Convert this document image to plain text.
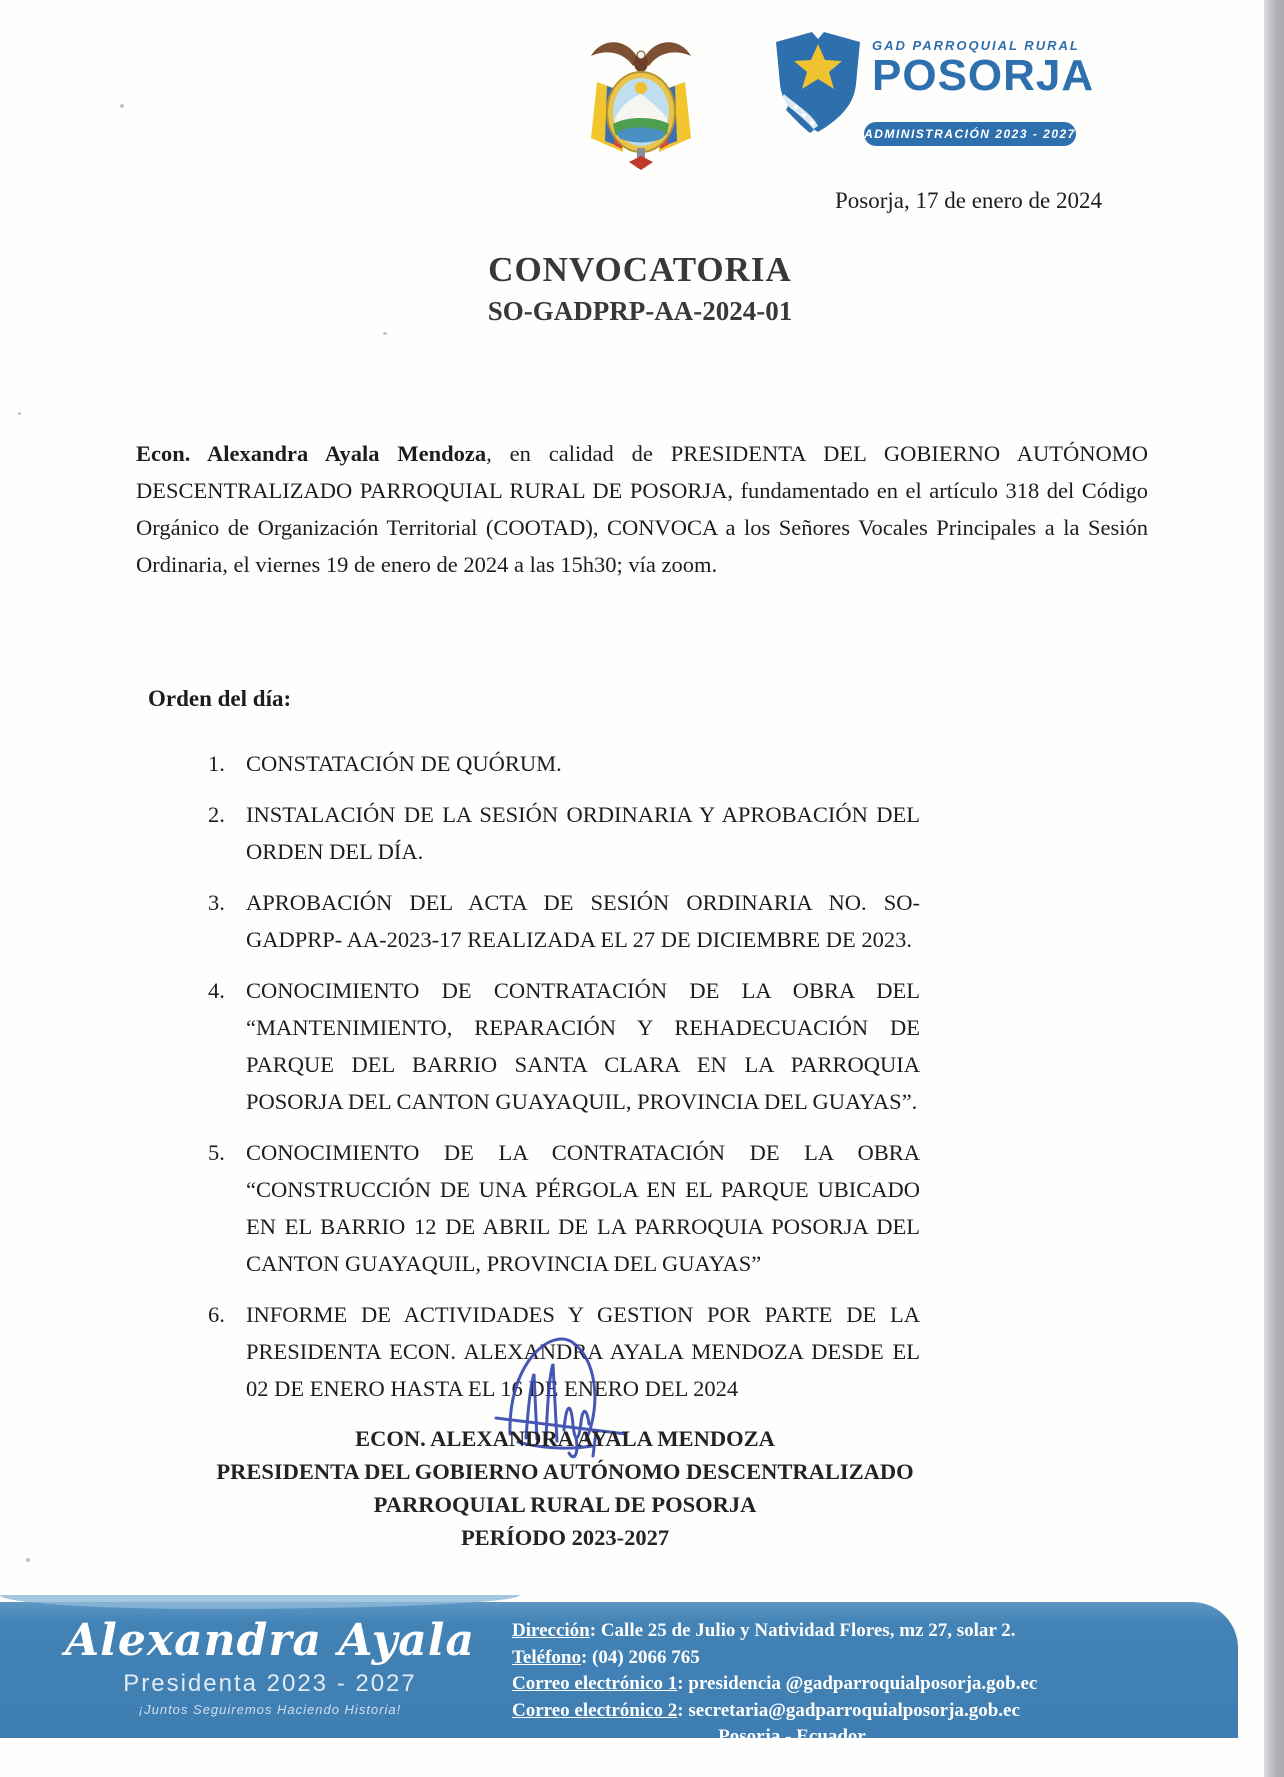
GAD PARROQUIAL RURAL
POSORJA
ADMINISTRACIÓN 2023 - 2027
Posorja, 17 de enero de 2024
CONVOCATORIA
SO-GADPRP-AA-2024-01

Econ. Alexandra Ayala Mendoza, en calidad de PRESIDENTA DEL GOBIERNO AUTÓNOMO DESCENTRALIZADO PARROQUIAL RURAL DE POSORJA, fundamentado en el artículo 318 del Código Orgánico de Organización Territorial (COOTAD), CONVOCA a los Señores Vocales Principales a la Sesión Ordinaria, el viernes 19 de enero de 2024 a las 15h30; vía zoom.

Orden del día:
1. CONSTATACIÓN DE QUÓRUM.
2. INSTALACIÓN DE LA SESIÓN ORDINARIA Y APROBACIÓN DEL ORDEN DEL DÍA.
3. APROBACIÓN DEL ACTA DE SESIÓN ORDINARIA NO. SO-GADPRP- AA-2023-17 REALIZADA EL 27 DE DICIEMBRE DE 2023.
4. CONOCIMIENTO DE CONTRATACIÓN DE LA OBRA DEL “MANTENIMIENTO, REPARACIÓN Y REHADECUACIÓN DE PARQUE DEL BARRIO SANTA CLARA EN LA PARROQUIA POSORJA DEL CANTON GUAYAQUIL, PROVINCIA DEL GUAYAS”.
5. CONOCIMIENTO DE LA CONTRATACIÓN DE LA OBRA “CONSTRUCCIÓN DE UNA PÉRGOLA EN EL PARQUE UBICADO EN EL BARRIO 12 DE ABRIL DE LA PARROQUIA POSORJA DEL CANTON GUAYAQUIL, PROVINCIA DEL GUAYAS”
6. INFORME DE ACTIVIDADES Y GESTION POR PARTE DE LA PRESIDENTA ECON. ALEXANDRA AYALA MENDOZA DESDE EL 02 DE ENERO HASTA EL 16 DE ENERO DEL 2024
ECON. ALEXANDRA AYALA MENDOZA
PRESIDENTA DEL GOBIERNO AUTÓNOMO DESCENTRALIZADO
PARROQUIAL RURAL DE POSORJA
PERÍODO 2023-2027
Alexandra Ayala
Presidenta 2023 - 2027
¡Juntos Seguiremos Haciendo Historia!
Dirección: Calle 25 de Julio y Natividad Flores, mz 27, solar 2.
Teléfono: (04) 2066 765
Correo electrónico 1: presidencia @gadparroquialposorja.gob.ec
Correo electrónico 2: secretaria@gadparroquialposorja.gob.ec
Posorja - Ecuador
